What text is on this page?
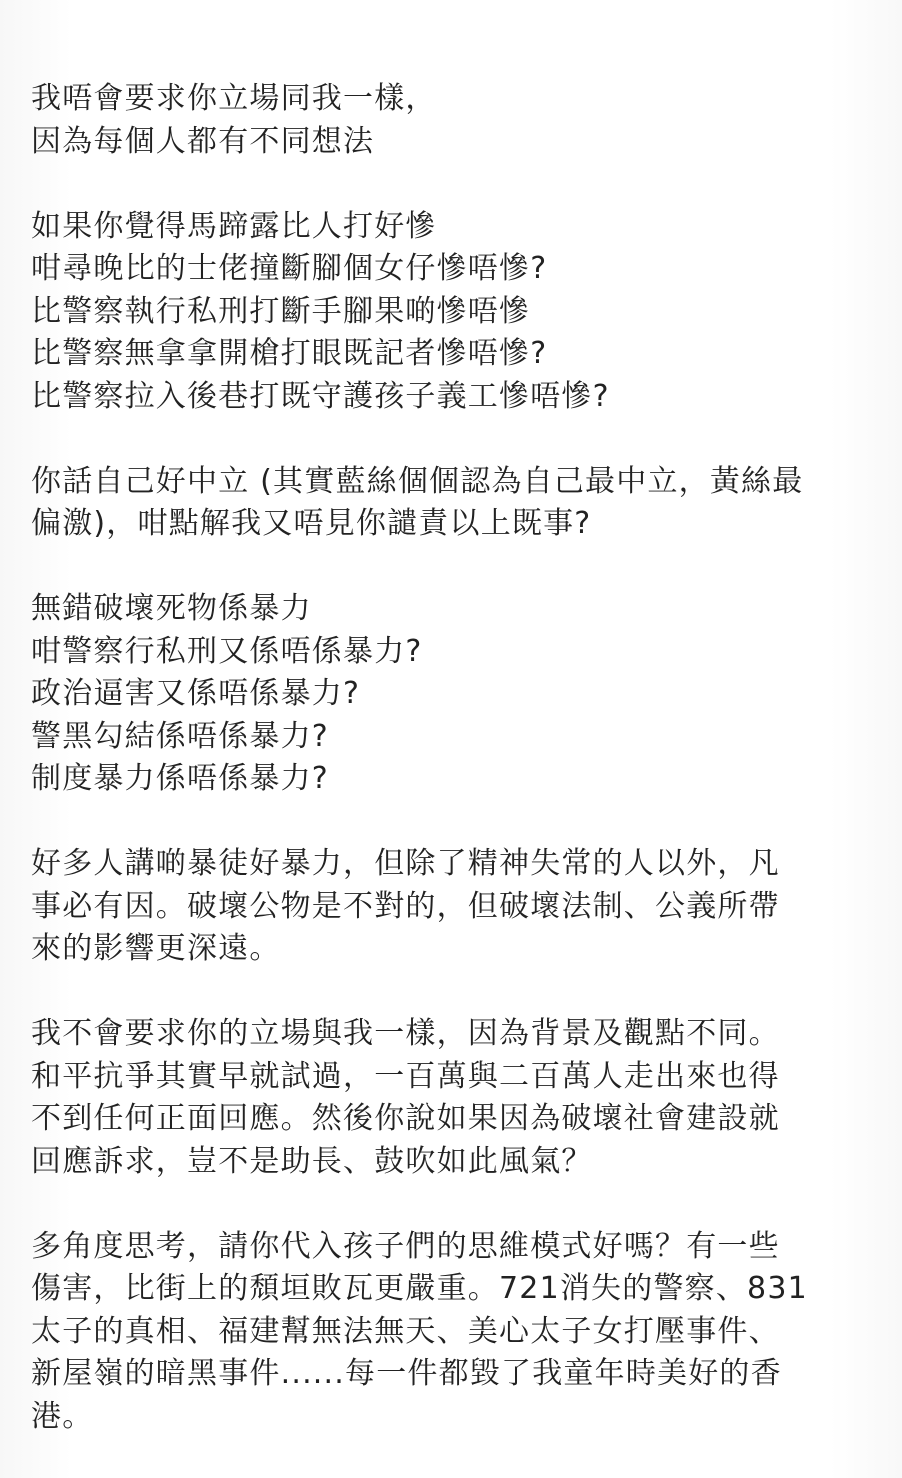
我唔會要求你立場同我一樣，
因為每個人都有不同想法
如果你覺得馬蹄露比人打好慘
咁尋晚比的士佬撞斷腳個女仔慘唔慘?
比警察執行私刑打斷手腳果啲慘唔慘
比警察無拿拿開槍打眼既記者慘唔慘?
比警察拉入後巷打既守護孩子義工慘唔慘?
你話自己好中立 (其實藍絲個個認為自己最中立，黃絲最
偏激)，咁點解我又唔見你譴責以上既事?
無錯破壞死物係暴力
咁警察行私刑又係唔係暴力?
政治逼害又係唔係暴力?
警黑勾結係唔係暴力?
制度暴力係唔係暴力?
好多人講啲暴徒好暴力，但除了精神失常的人以外，凡
事必有因。破壞公物是不對的，但破壞法制、公義所帶
來的影響更深遠。
我不會要求你的立場與我一樣，因為背景及觀點不同。
和平抗爭其實早就試過，一百萬與二百萬人走出來也得
不到任何正面回應。然後你說如果因為破壞社會建設就
回應訴求，豈不是助長、鼓吹如此風氣？
多角度思考，請你代入孩子們的思維模式好嗎？有一些
傷害，比街上的頹垣敗瓦更嚴重。721消失的警察、831
太子的真相、福建幫無法無天、美心太子女打壓事件、
新屋嶺的暗黑事件......每一件都毀了我童年時美好的香
港。
